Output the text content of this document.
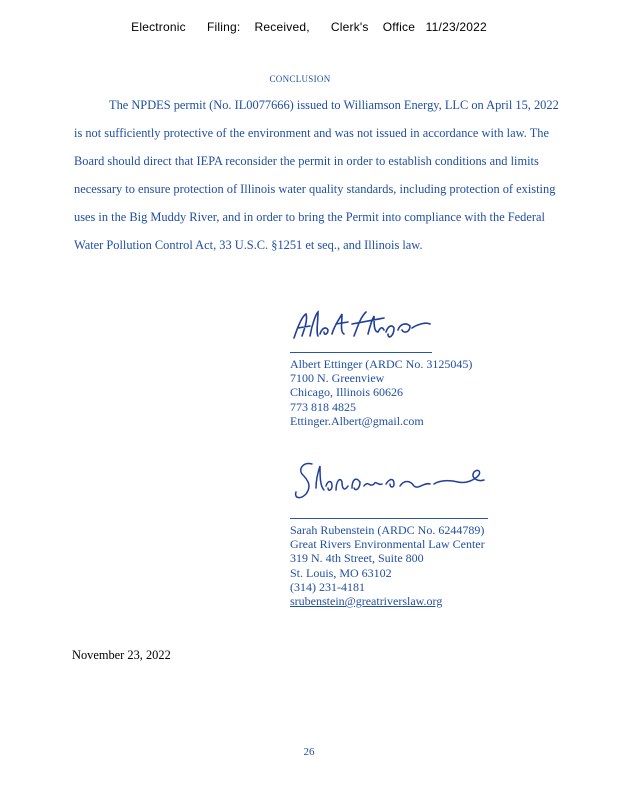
Electronic      Filing:    Received,      Clerk's    Office   11/23/2022
CONCLUSION
The NPDES permit (No. IL0077666) issued to Williamson Energy, LLC on April 15, 2022
is not sufficiently protective of the environment and was not issued in accordance with law. The
Board should direct that IEPA reconsider the permit in order to establish conditions and limits
necessary to ensure protection of Illinois water quality standards, including protection of existing
uses in the Big Muddy River, and in order to bring the Permit into compliance with the Federal
Water Pollution Control Act, 33 U.S.C. §1251 et seq., and Illinois law.
Albert Ettinger (ARDC No. 3125045)
7100 N. Greenview
Chicago, Illinois 60626
773 818 4825
Ettinger.Albert@gmail.com
Sarah Rubenstein (ARDC No. 6244789)
Great Rivers Environmental Law Center
319 N. 4th Street, Suite 800
St. Louis, MO 63102
(314) 231-4181
srubenstein@greatriverslaw.org
November 23, 2022
26
